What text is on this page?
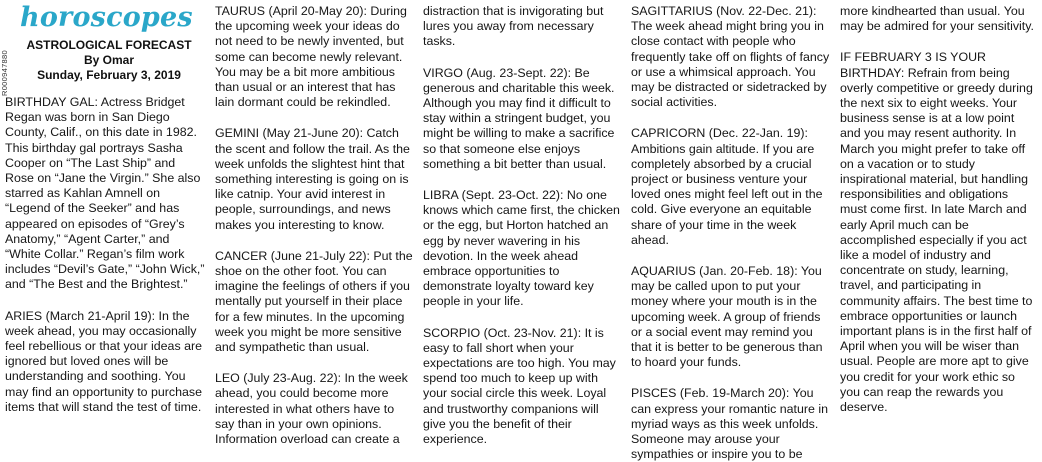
R000947880
horoscopes
ASTROLOGICAL FORECAST
By Omar
Sunday, February 3, 2019

BIRTHDAY GAL: Actress Bridget Regan was born in San Diego County, Calif., on this date in 1982. This birthday gal portrays Sasha Cooper on “The Last Ship” and Rose on “Jane the Virgin.” She also starred as Kahlan Amnell on “Legend of the Seeker” and has appeared on episodes of “Grey’s Anatomy,” “Agent Carter,” and “White Collar.” Regan’s film work includes “Devil’s Gate,” “John Wick,” and “The Best and the Brightest.”

ARIES (March 21-April 19): In the week ahead, you may occasionally feel rebellious or that your ideas are ignored but loved ones will be understanding and soothing. You may find an opportunity to purchase items that will stand the test of time.

TAURUS (April 20-May 20): During the upcoming week your ideas do not need to be newly invented, but some can become newly relevant. You may be a bit more ambitious than usual or an interest that has lain dormant could be rekindled.

GEMINI (May 21-June 20): Catch the scent and follow the trail. As the week unfolds the slightest hint that something interesting is going on is like catnip. Your avid interest in people, surroundings, and news makes you interesting to know.

CANCER (June 21-July 22): Put the shoe on the other foot. You can imagine the feelings of others if you mentally put yourself in their place for a few minutes. In the upcoming week you might be more sensitive and sympathetic than usual.

LEO (July 23-Aug. 22): In the week ahead, you could become more interested in what others have to say than in your own opinions. Information overload can create a

distraction that is invigorating but lures you away from necessary tasks.

VIRGO (Aug. 23-Sept. 22): Be generous and charitable this week. Although you may find it difficult to stay within a stringent budget, you might be willing to make a sacrifice so that someone else enjoys something a bit better than usual.

LIBRA (Sept. 23-Oct. 22): No one knows which came first, the chicken or the egg, but Horton hatched an egg by never wavering in his devotion. In the week ahead embrace opportunities to demonstrate loyalty toward key people in your life.

SCORPIO (Oct. 23-Nov. 21): It is easy to fall short when your expectations are too high. You may spend too much to keep up with your social circle this week. Loyal and trustworthy companions will give you the benefit of their experience.

SAGITTARIUS (Nov. 22-Dec. 21): The week ahead might bring you in close contact with people who frequently take off on flights of fancy or use a whimsical approach. You may be distracted or sidetracked by social activities.

CAPRICORN (Dec. 22-Jan. 19): Ambitions gain altitude. If you are completely absorbed by a crucial project or business venture your loved ones might feel left out in the cold. Give everyone an equitable share of your time in the week ahead.

AQUARIUS (Jan. 20-Feb. 18): You may be called upon to put your money where your mouth is in the upcoming week. A group of friends or a social event may remind you that it is better to be generous than to hoard your funds.

PISCES (Feb. 19-March 20): You can express your romantic nature in myriad ways as this week unfolds. Someone may arouse your sympathies or inspire you to be

more kindhearted than usual. You may be admired for your sensitivity.

IF FEBRUARY 3 IS YOUR BIRTHDAY: Refrain from being overly competitive or greedy during the next six to eight weeks. Your business sense is at a low point and you may resent authority. In March you might prefer to take off on a vacation or to study inspirational material, but handling responsibilities and obligations must come first. In late March and early April much can be accomplished especially if you act like a model of industry and concentrate on study, learning, travel, and participating in community affairs. The best time to embrace opportunities or launch important plans is in the first half of April when you will be wiser than usual. People are more apt to give you credit for your work ethic so you can reap the rewards you deserve.
